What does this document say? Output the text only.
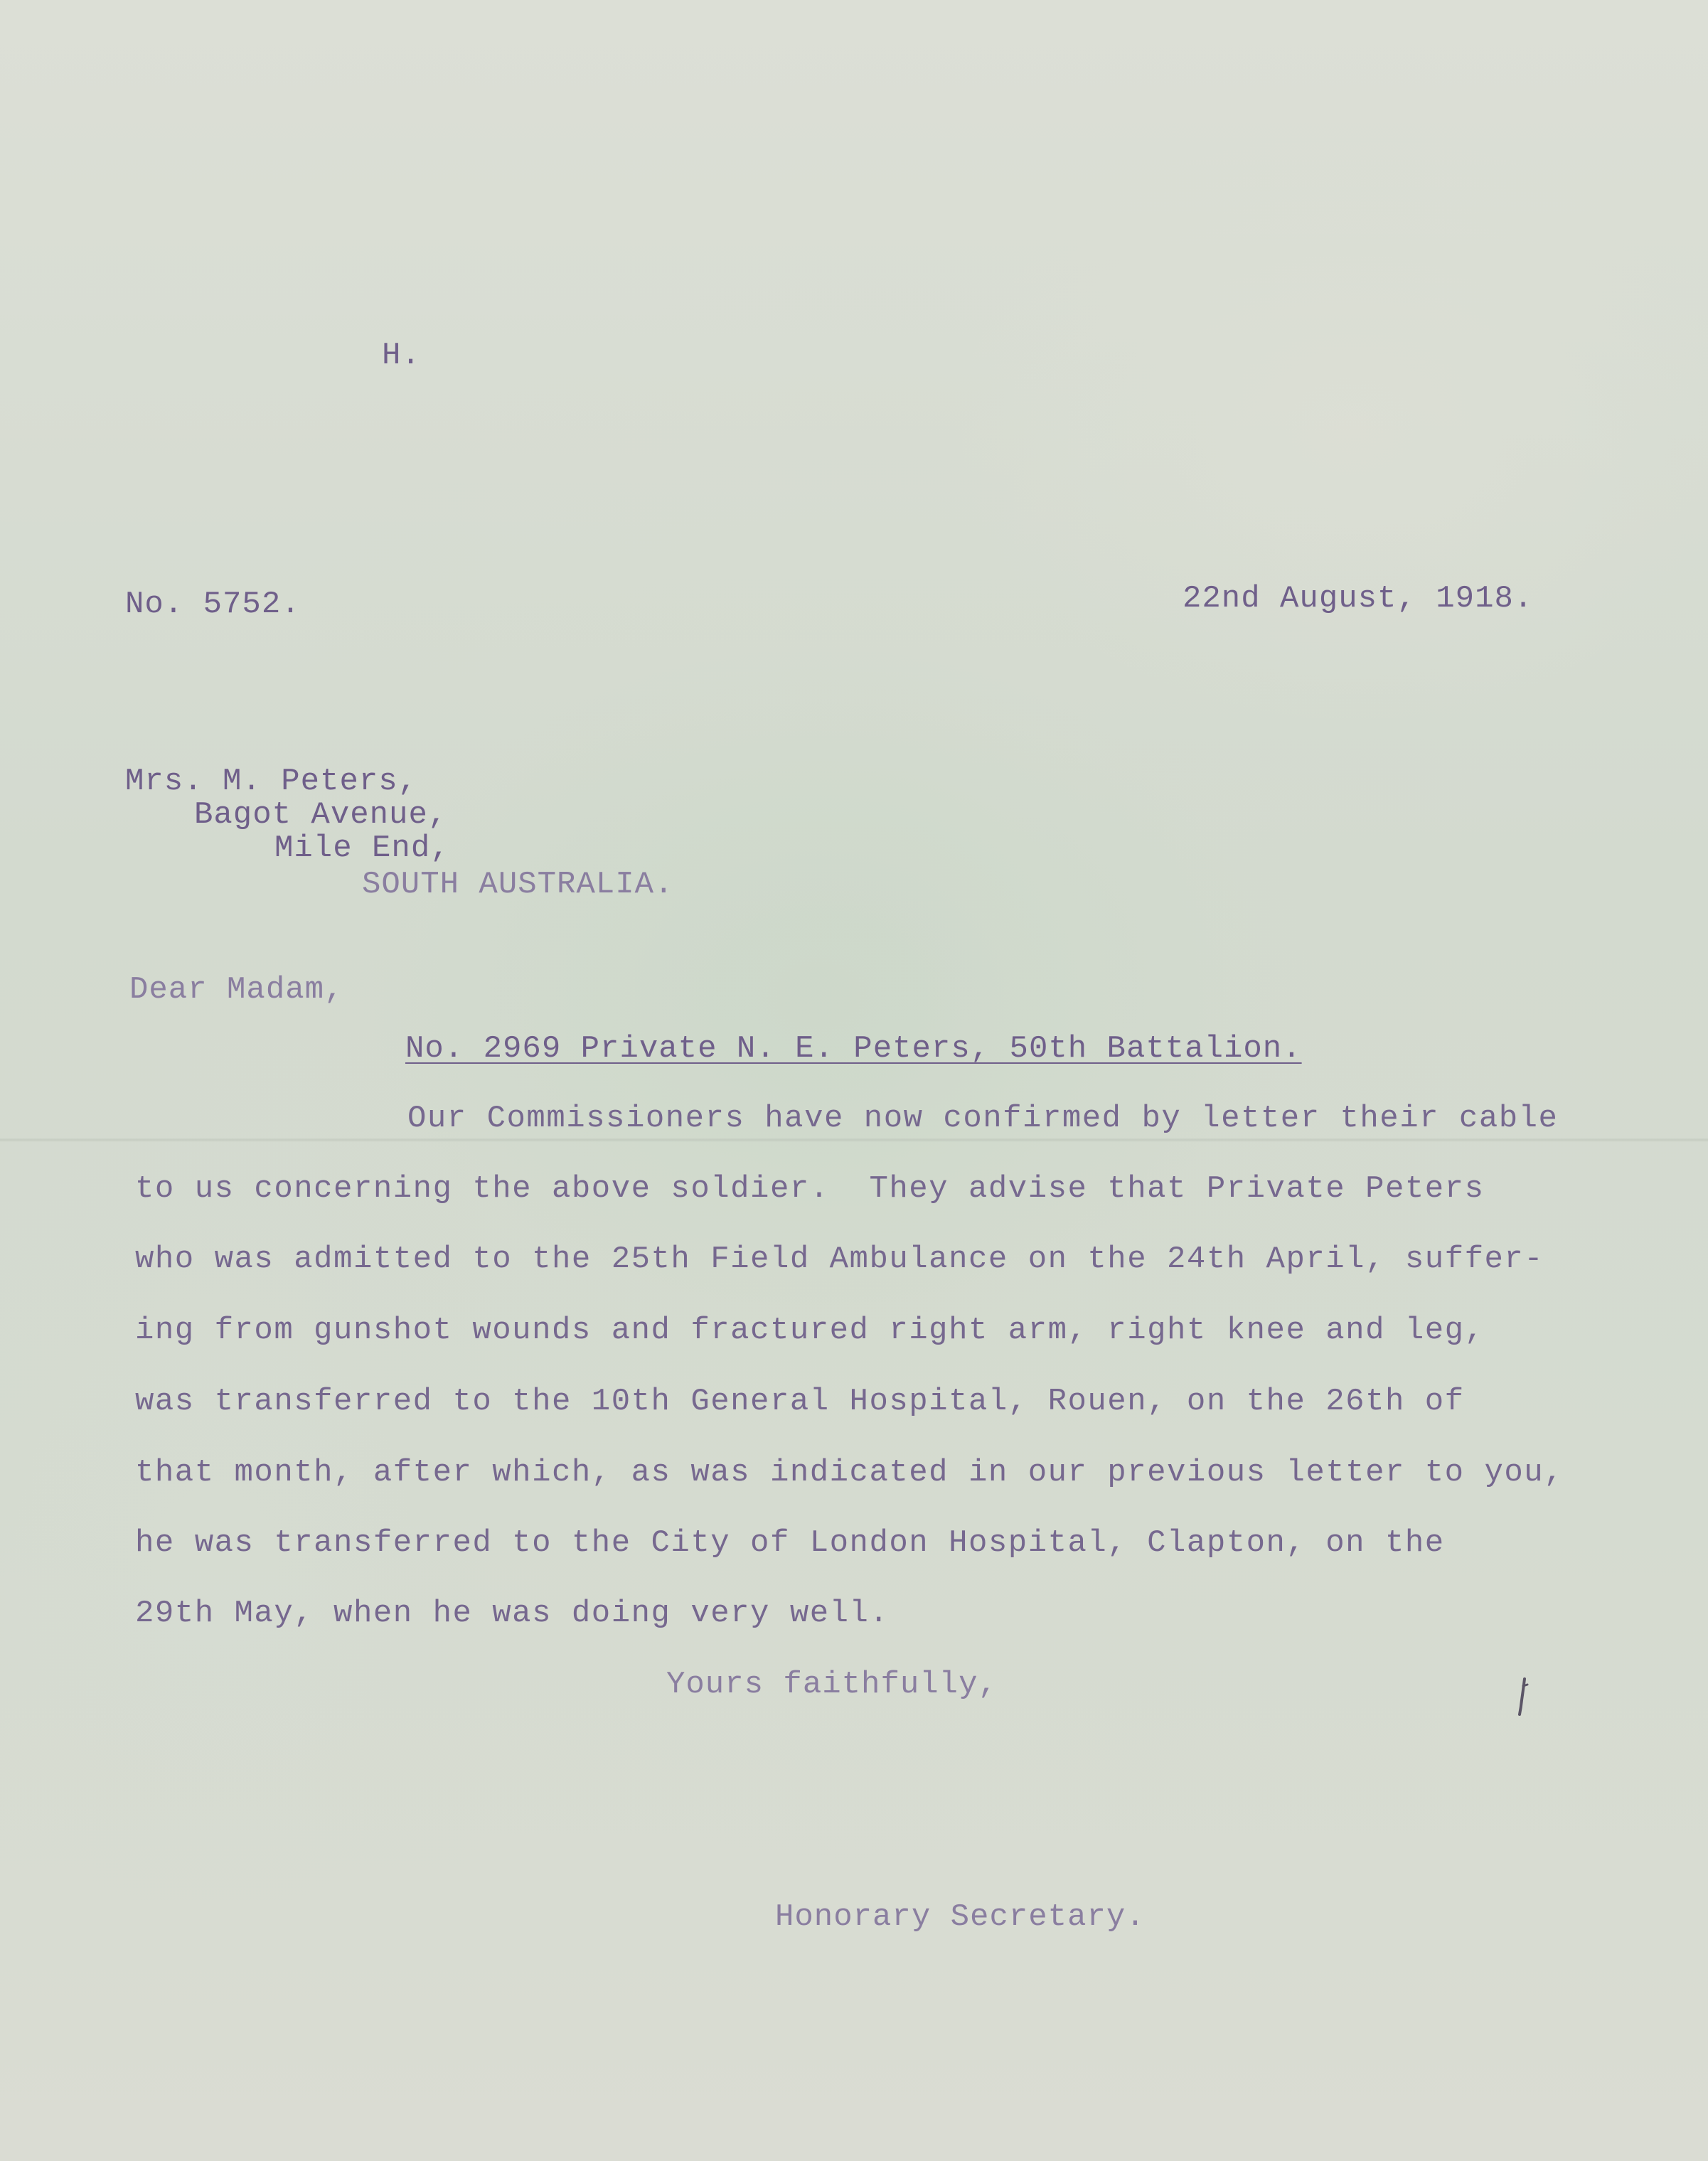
H.
No. 5752.	22nd August, 1918.
Mrs. M. Peters,
Bagot Avenue,
Mile End,
SOUTH AUSTRALIA.
Dear Madam,
No. 2969 Private N. E. Peters, 50th Battalion.
Our Commissioners have now confirmed by letter their cable
to us concerning the above soldier.  They advise that Private Peters
who was admitted to the 25th Field Ambulance on the 24th April, suffer-
ing from gunshot wounds and fractured right arm, right knee and leg,
was transferred to the 10th General Hospital, Rouen, on the 26th of
that month, after which, as was indicated in our previous letter to you,
he was transferred to the City of London Hospital, Clapton, on the
29th May, when he was doing very well.
Yours faithfully,
Honorary Secretary.
